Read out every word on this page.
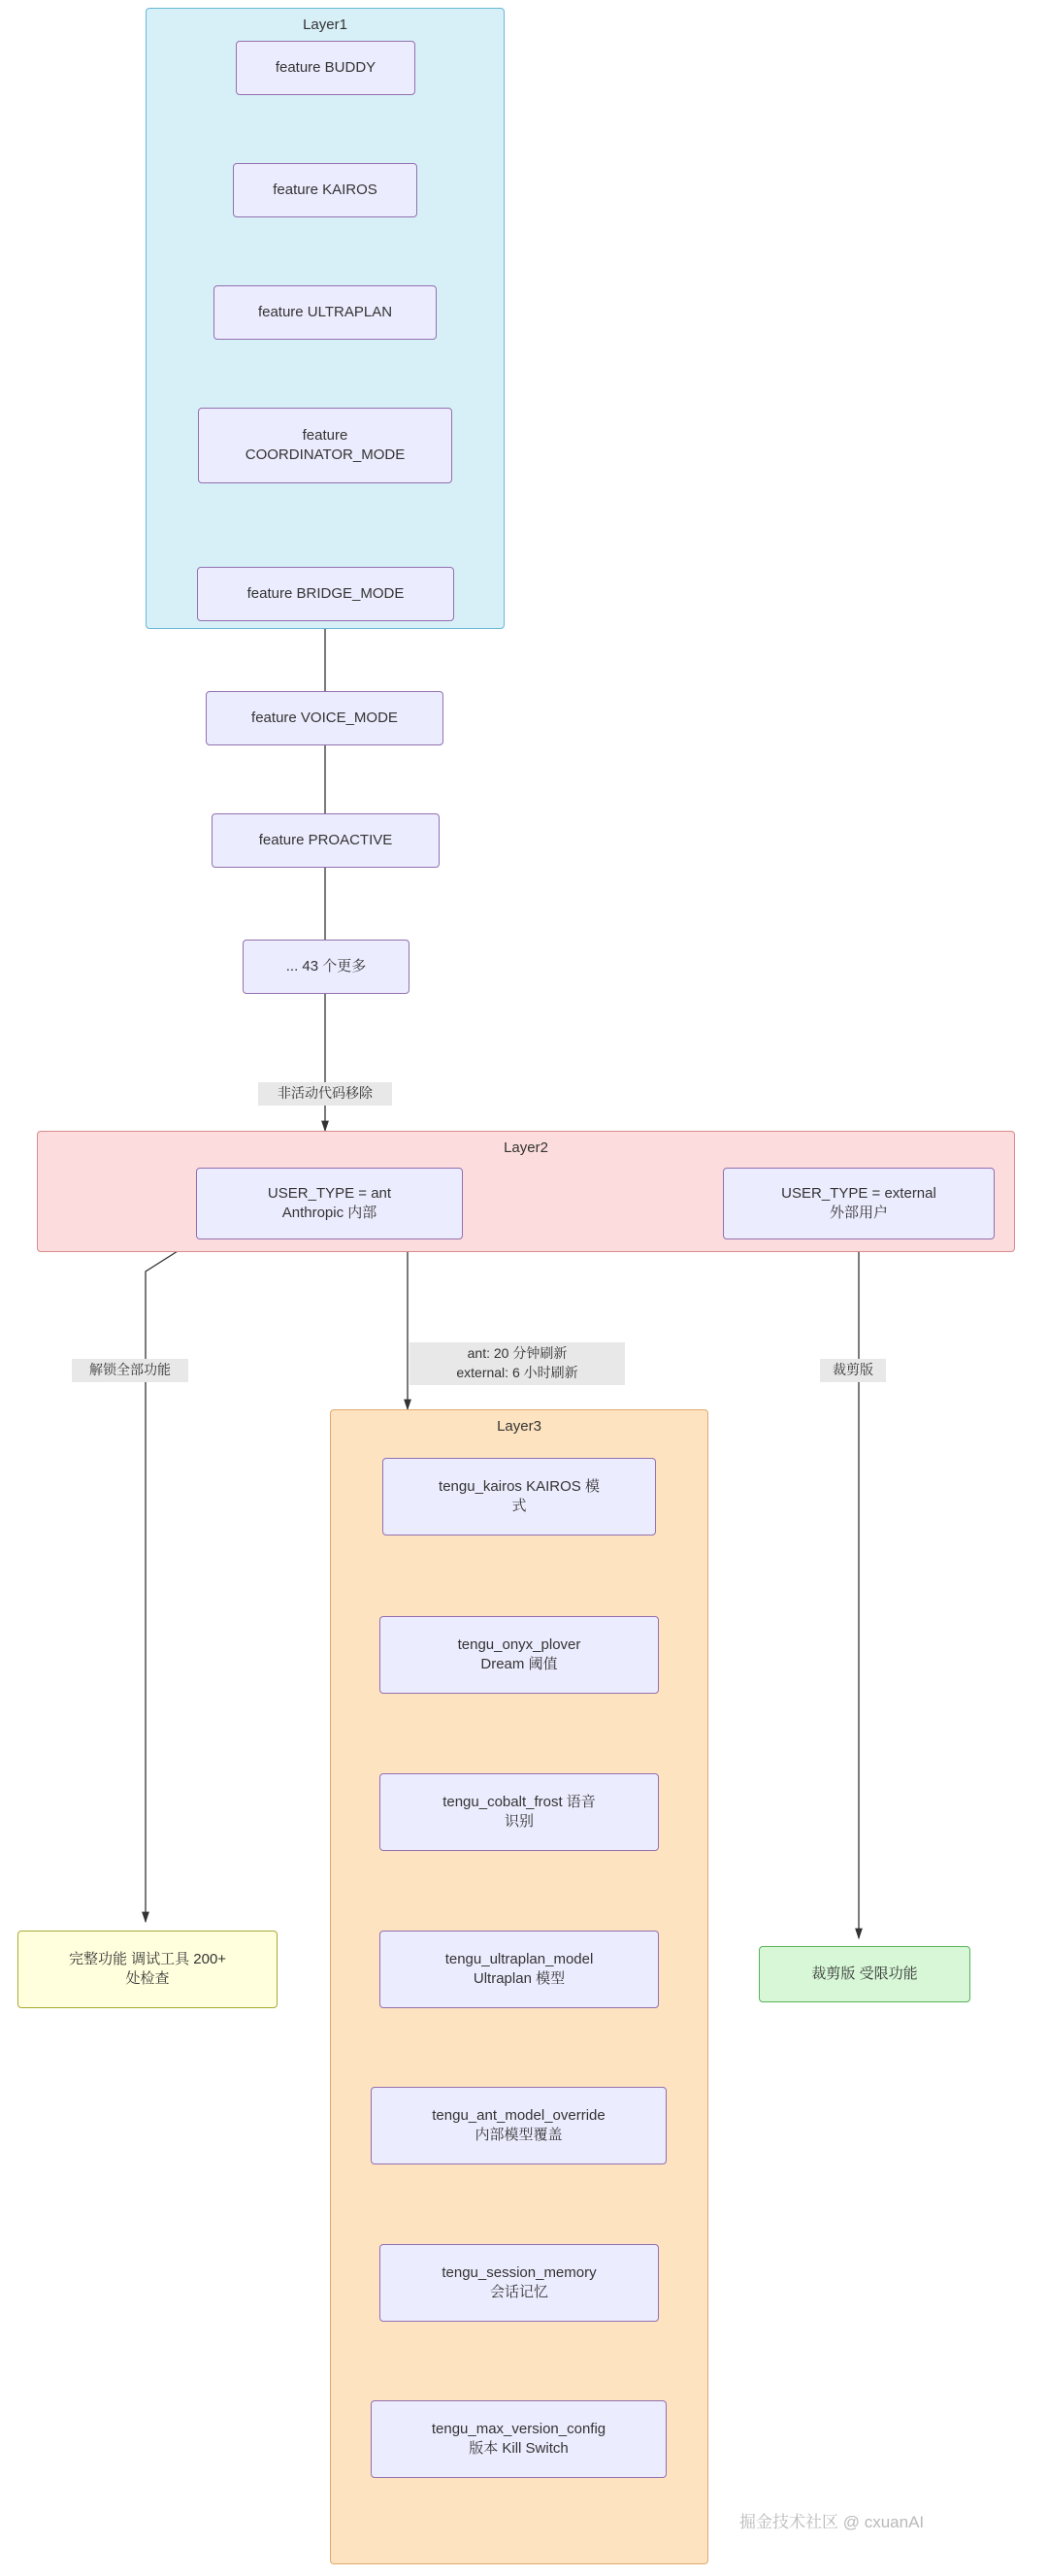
Layer1
Layer2
Layer3
feature BUDDY
feature KAIROS
feature ULTRAPLAN
feature
COORDINATOR_MODE
feature BRIDGE_MODE
feature VOICE_MODE
feature PROACTIVE
... 43 个更多
USER_TYPE = ant
Anthropic 内部
USER_TYPE = external
外部用户
tengu_kairos KAIROS 模
式
tengu_onyx_plover
Dream 阈值
tengu_cobalt_frost 语音
识别
tengu_ultraplan_model
Ultraplan 模型
tengu_ant_model_override
内部模型覆盖
tengu_session_memory
会话记忆
tengu_max_version_config
版本 Kill Switch
完整功能 调试工具 200+
处检查	裁剪版 受限功能
非活动代码移除
解锁全部功能
ant: 20 分钟刷新
external: 6 小时刷新	裁剪版
掘金技术社区 @ cxuanAI
